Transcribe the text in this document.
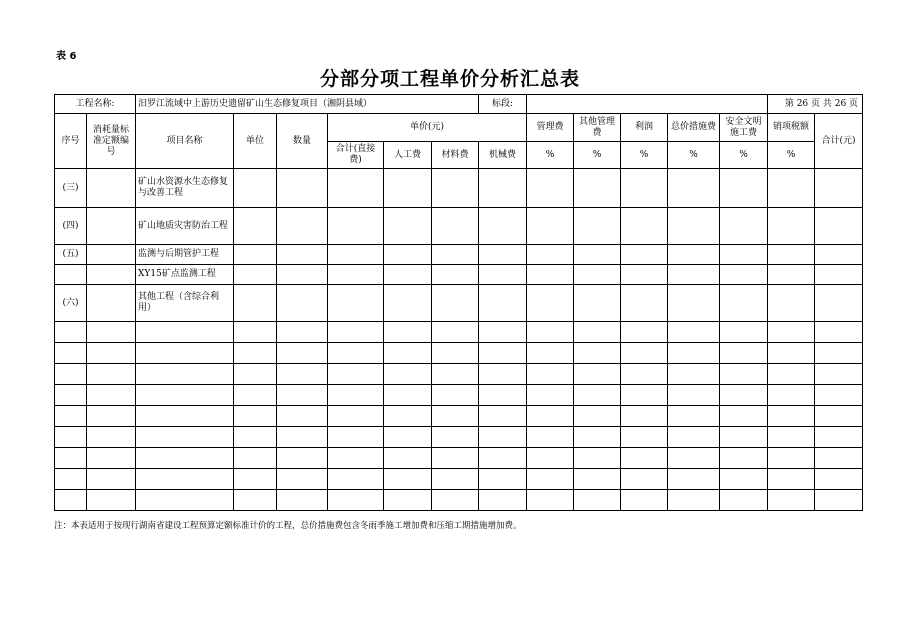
表 6
分部分项工程单价分析汇总表
工程名称:		汨罗江流域中上游历史遗留矿山生态修复项目（湘阴县域）						标段:						第 26 页 共 26 页	
序号	消耗量标准定额编号	项目名称	单位	数量	单价(元)				管理费	其他管理费	利润	总价措施费	安全文明施工费	销项税额	合计(元)
					合计(直接费)	人工费	材料费	机械费	%	%	%	%	%	%	
(三)		矿山水资源水生态修复与改善工程													
(四)		矿山地质灾害防治工程													
(五)		监测与后期管护工程													
		XY15矿点监测工程													
(六)		其他工程（含综合利用）													

注：本表适用于按现行湖南省建设工程预算定额标准计价的工程，总价措施费包含冬雨季施工增加费和压缩工期措施增加费。
